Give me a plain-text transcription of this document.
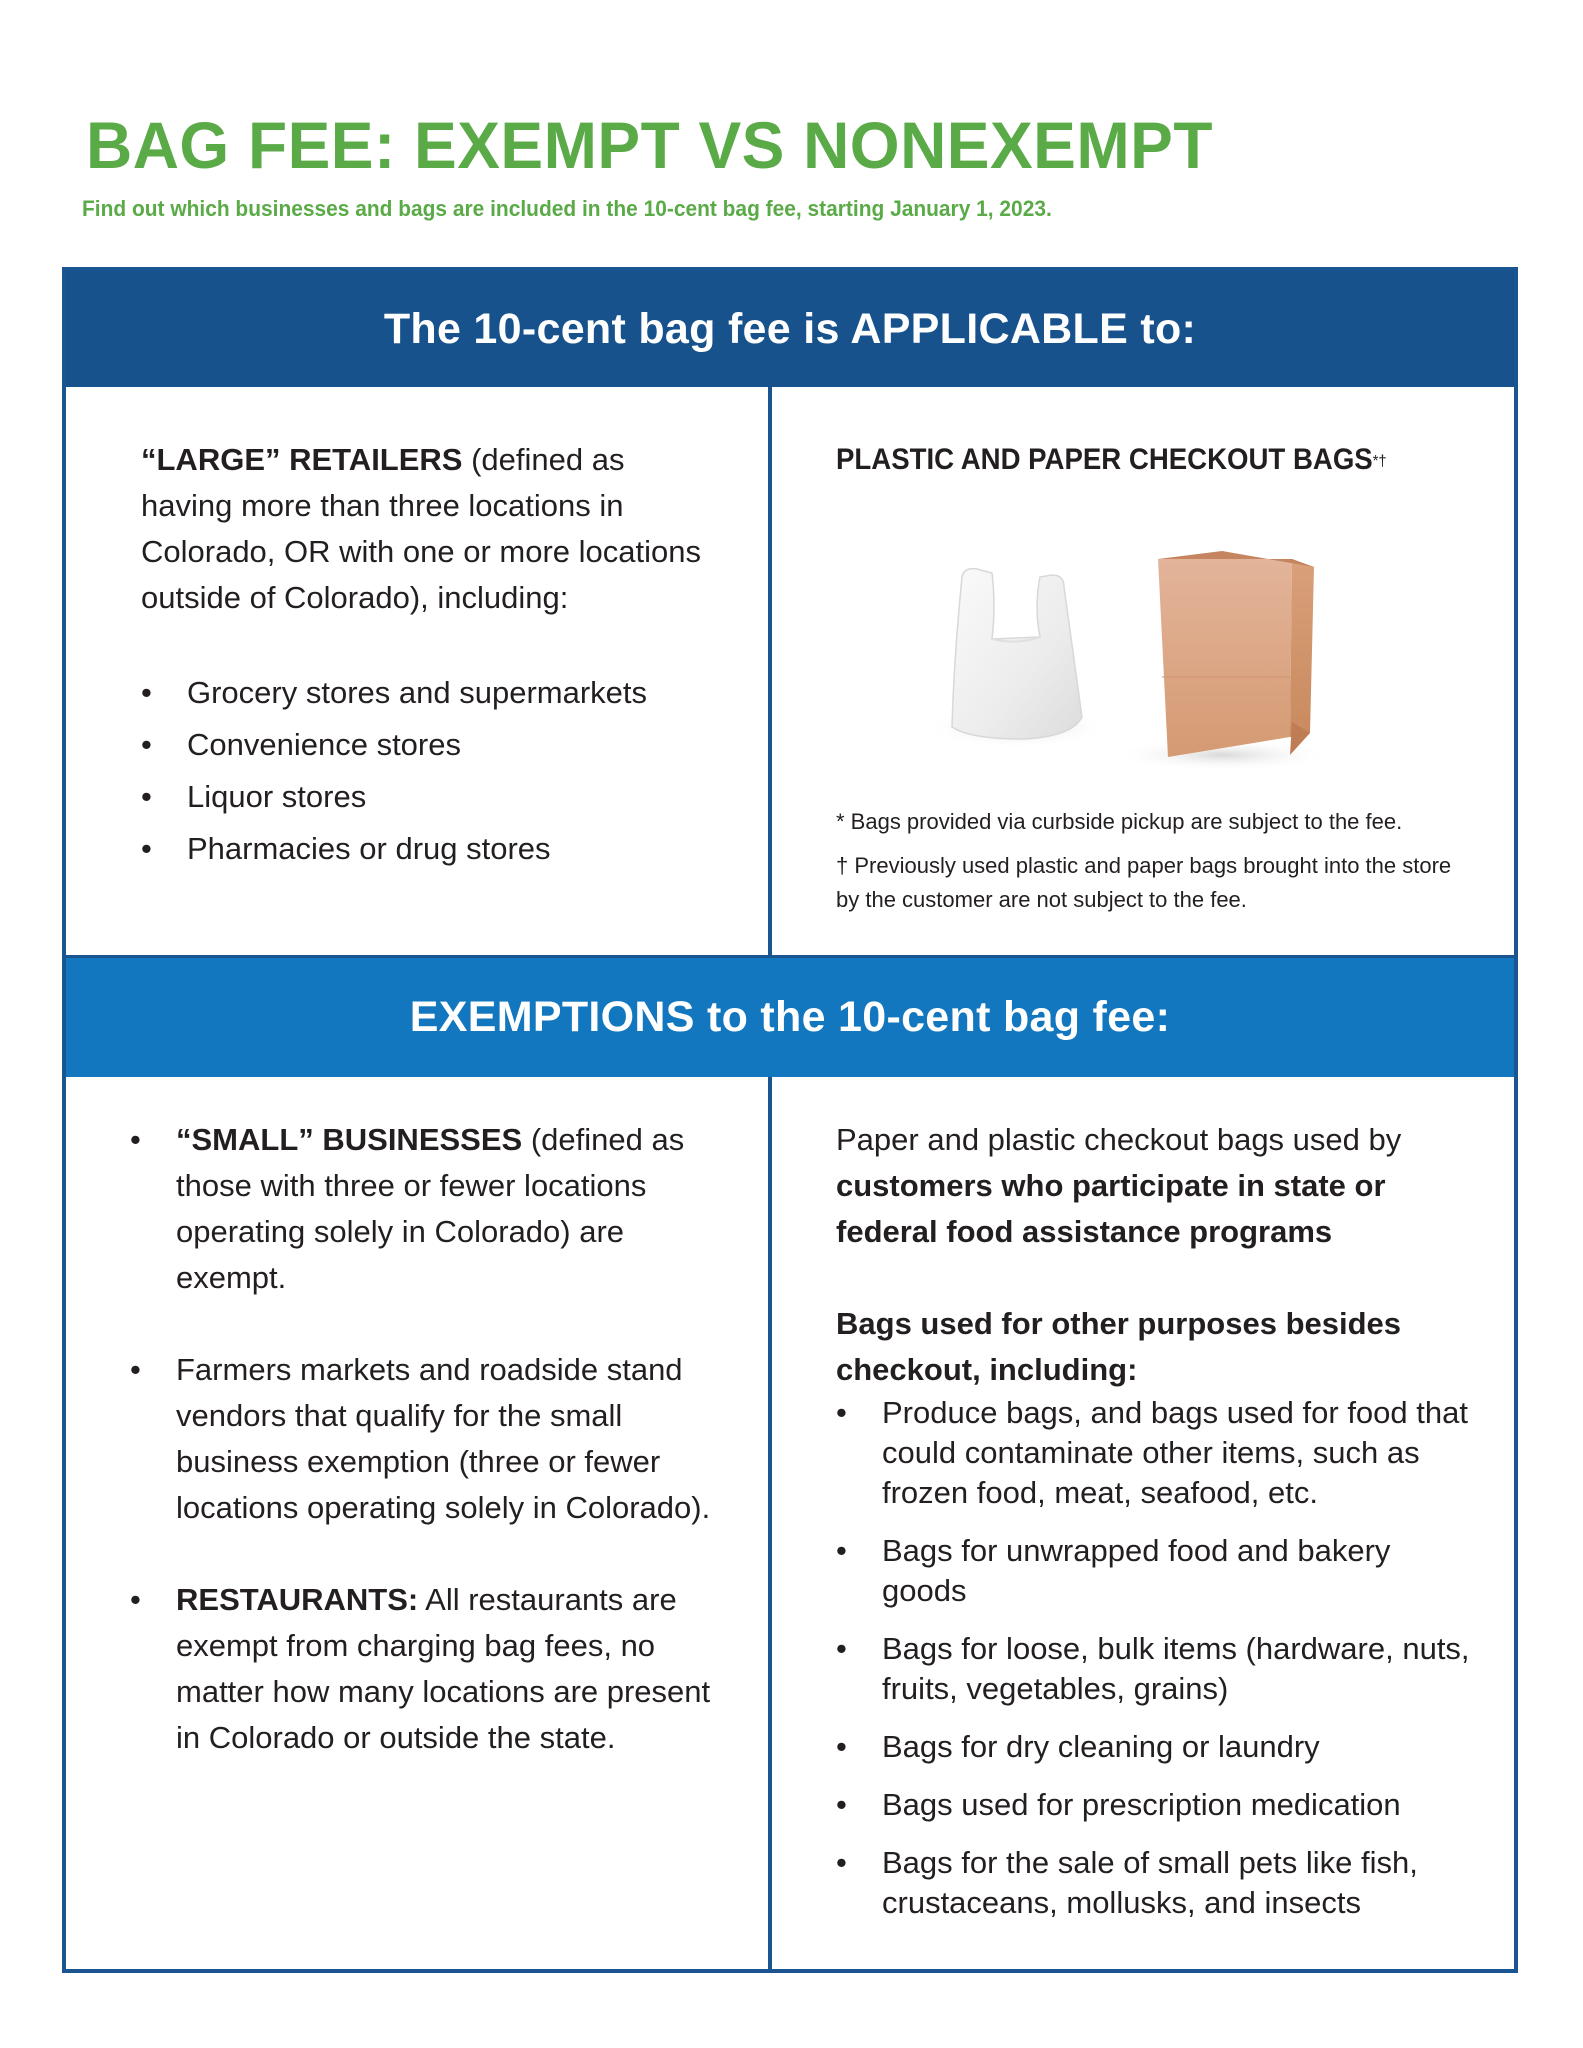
BAG FEE: EXEMPT VS NONEXEMPT

Find out which businesses and bags are included in the 10-cent bag fee, starting January 1, 2023.

The 10-cent bag fee is APPLICABLE to:

“LARGE” RETAILERS (defined as having more than three locations in Colorado, OR with one or more locations outside of Colorado), including:

•	Grocery stores and supermarkets
•	Convenience stores
•	Liquor stores
•	Pharmacies or drug stores

PLASTIC AND PAPER CHECKOUT BAGS*†

* Bags provided via curbside pickup are subject to the fee.

† Previously used plastic and paper bags brought into the store by the customer are not subject to the fee.

EXEMPTIONS to the 10-cent bag fee:
•	“SMALL” BUSINESSES (defined as those with three or fewer locations operating solely in Colorado) are exempt.
•	Farmers markets and roadside stand vendors that qualify for the small business exemption (three or fewer locations operating solely in Colorado).
•	RESTAURANTS: All restaurants are exempt from charging bag fees, no matter how many locations are present in Colorado or outside the state.

Paper and plastic checkout bags used by customers who participate in state or federal food assistance programs

Bags used for other purposes besides checkout, including:

•	Produce bags, and bags used for food that could contaminate other items, such as frozen food, meat, seafood, etc.
•	Bags for unwrapped food and bakery goods
•	Bags for loose, bulk items (hardware, nuts, fruits, vegetables, grains)
•	Bags for dry cleaning or laundry
•	Bags used for prescription medication
•	Bags for the sale of small pets like fish, crustaceans, mollusks, and insects
